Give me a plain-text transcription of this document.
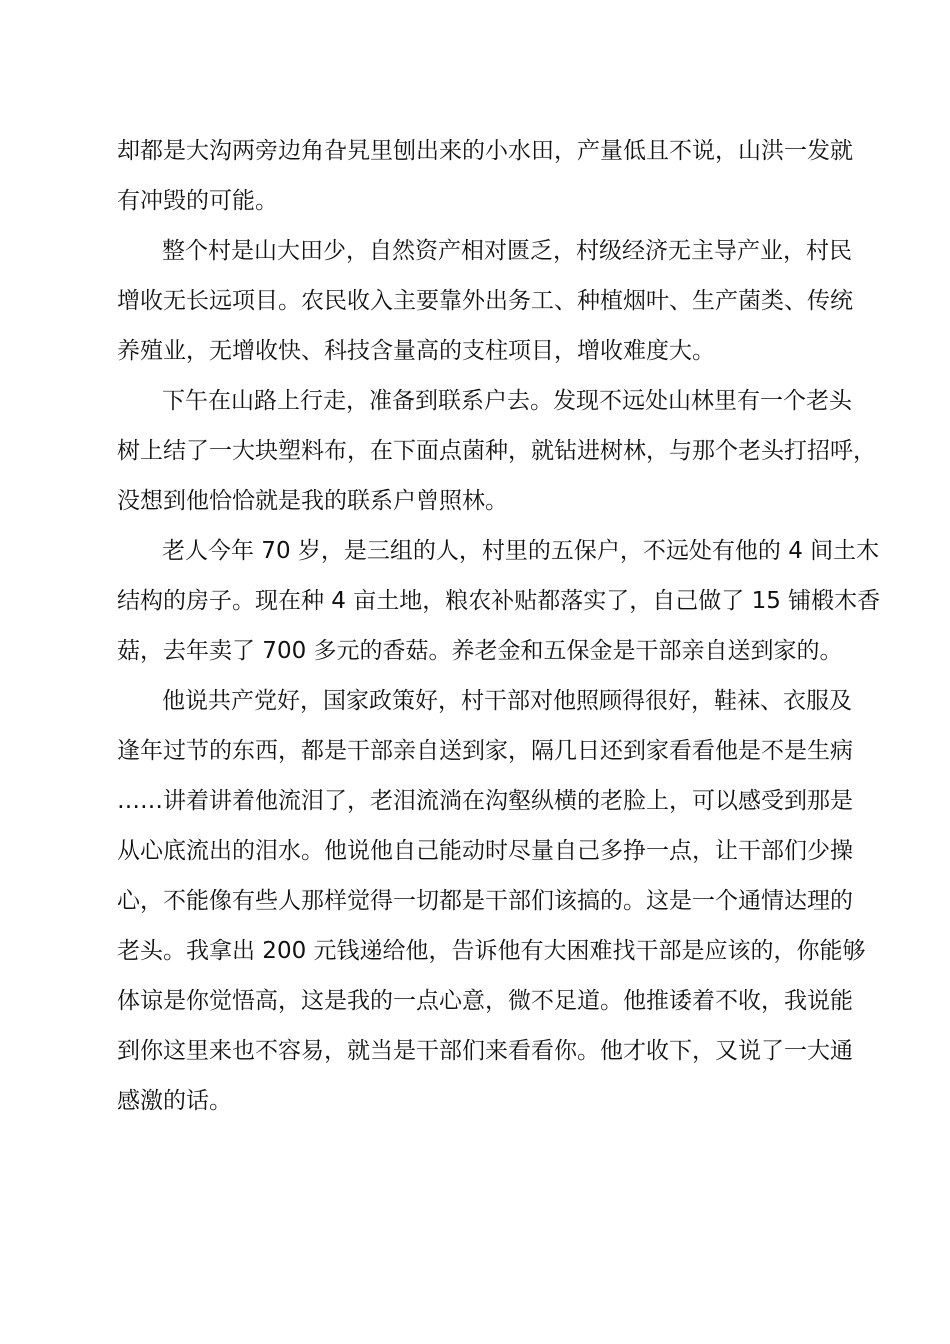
却都是大沟两旁边角旮旯里刨出来的小水田，产量低且不说，山洪一发就
有冲毁的可能。
整个村是山大田少，自然资产相对匮乏，村级经济无主导产业，村民
增收无长远项目。农民收入主要靠外出务工、种植烟叶、生产菌类、传统
养殖业，无增收快、科技含量高的支柱项目，增收难度大。
下午在山路上行走，准备到联系户去。发现不远处山林里有一个老头
树上结了一大块塑料布，在下面点菌种，就钻进树林，与那个老头打招呼，
没想到他恰恰就是我的联系户曾照林。
老人今年 70 岁，是三组的人，村里的五保户，不远处有他的 4 间土木
结构的房子。现在种 4 亩土地，粮农补贴都落实了，自己做了 15 铺椴木香
菇，去年卖了 700 多元的香菇。养老金和五保金是干部亲自送到家的。
他说共产党好，国家政策好，村干部对他照顾得很好，鞋袜、衣服及
逢年过节的东西，都是干部亲自送到家，隔几日还到家看看他是不是生病
……讲着讲着他流泪了，老泪流淌在沟壑纵横的老脸上，可以感受到那是
从心底流出的泪水。他说他自己能动时尽量自己多挣一点，让干部们少操
心，不能像有些人那样觉得一切都是干部们该搞的。这是一个通情达理的
老头。我拿出 200 元钱递给他，告诉他有大困难找干部是应该的，你能够
体谅是你觉悟高，这是我的一点心意，微不足道。他推诿着不收，我说能
到你这里来也不容易，就当是干部们来看看你。他才收下，又说了一大通
感激的话。
